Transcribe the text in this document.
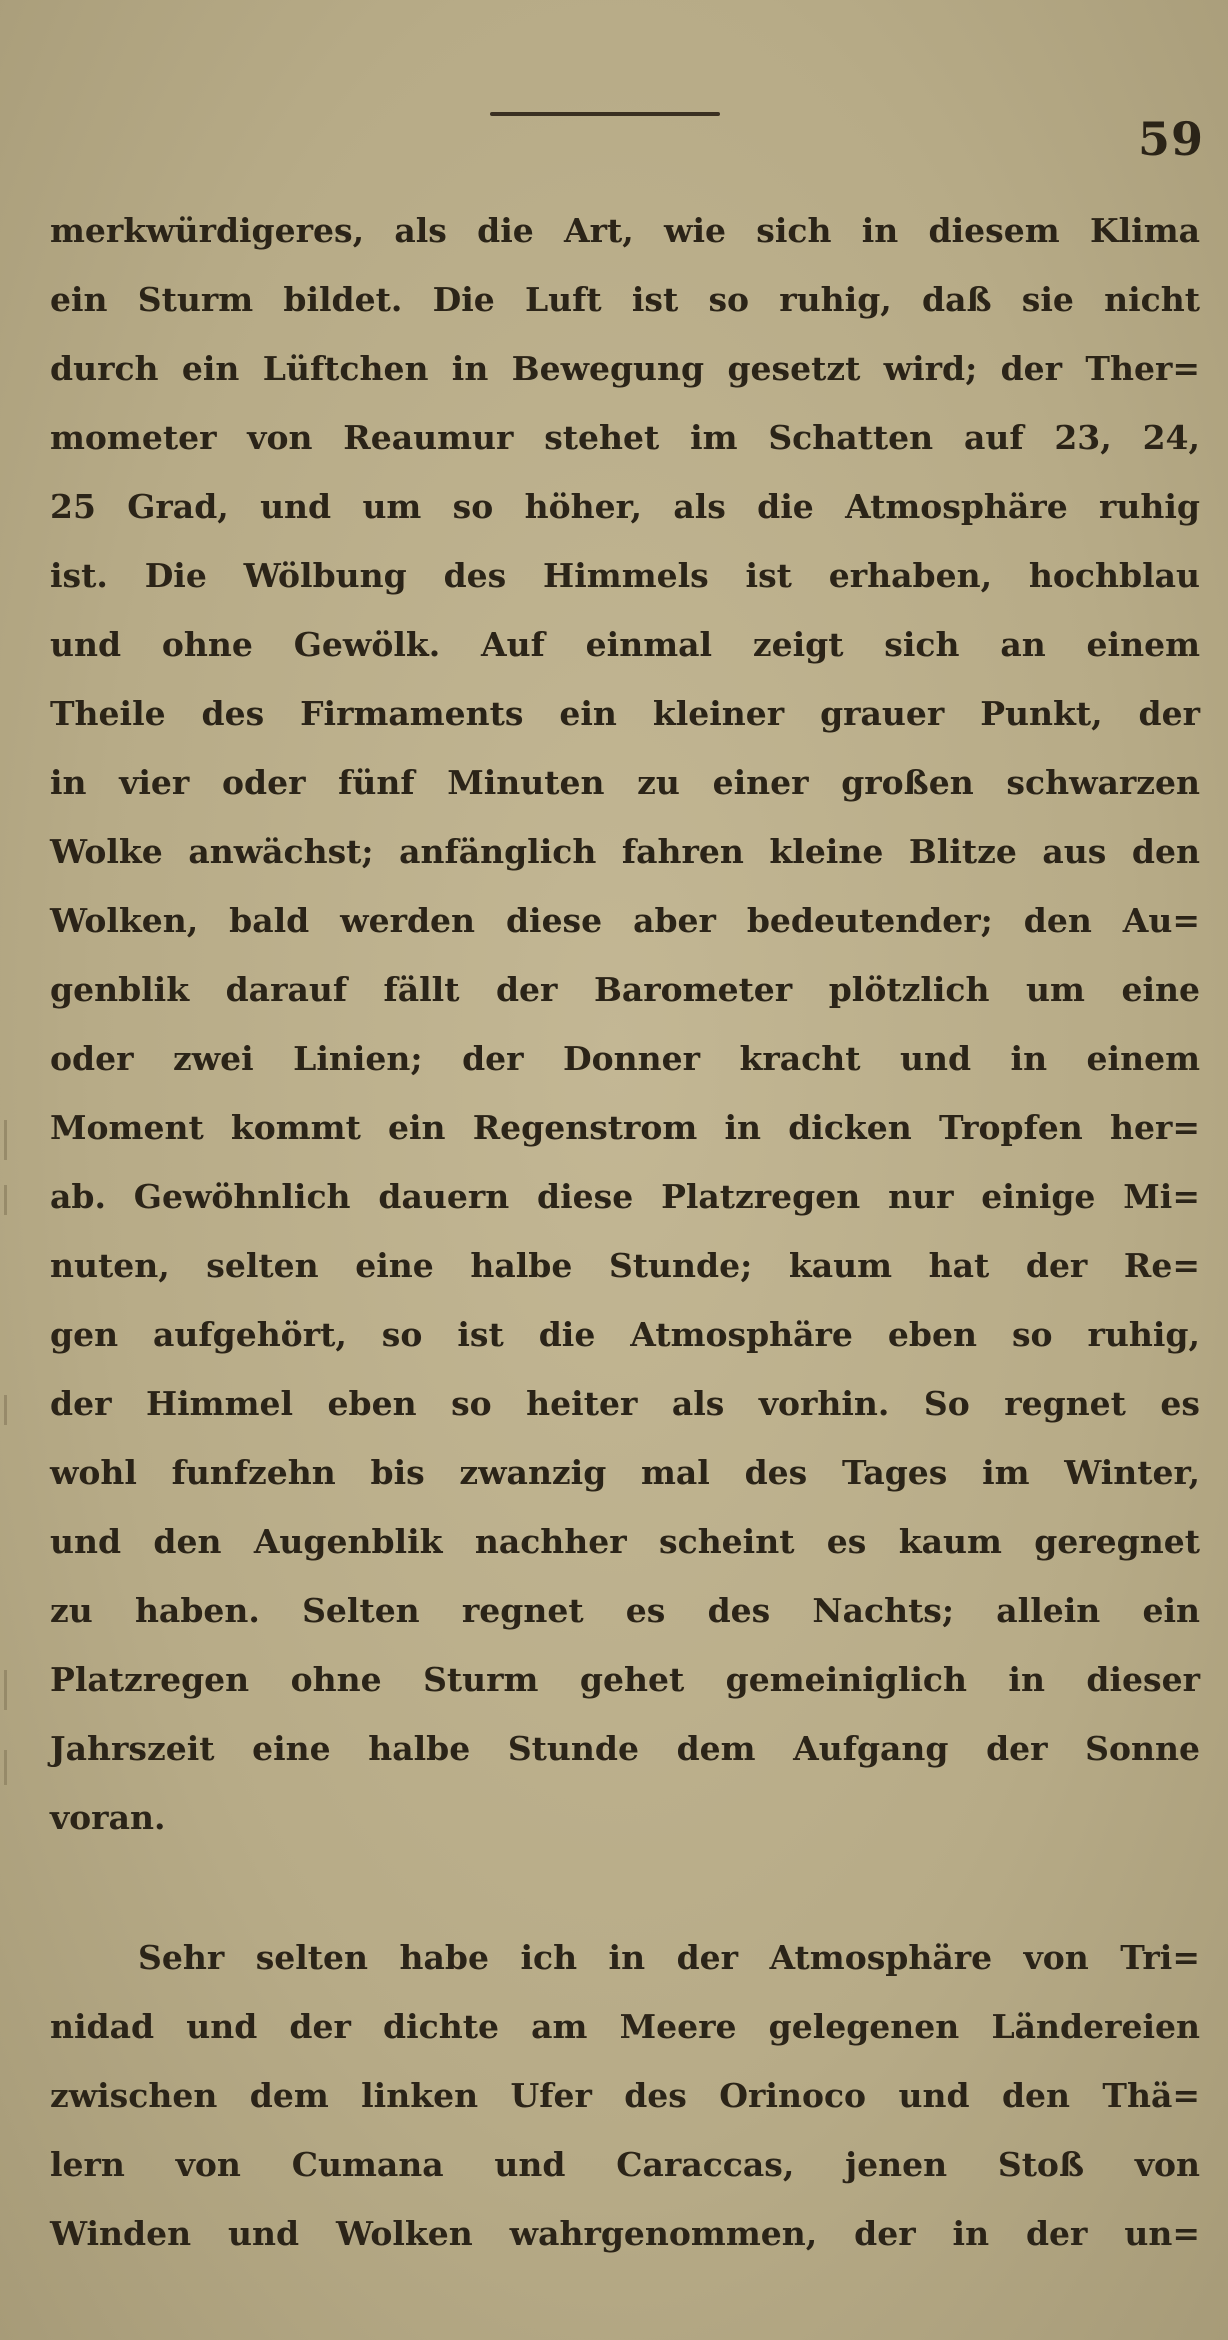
59
merkwürdigeres, als die Art, wie sich in diesem Klima
ein Sturm bildet. Die Luft ist so ruhig, daß sie nicht
durch ein Lüftchen in Bewegung gesetzt wird; der Ther=
mometer von Reaumur stehet im Schatten auf 23, 24,
25 Grad, und um so höher, als die Atmosphäre ruhig
ist. Die Wölbung des Himmels ist erhaben, hochblau
und ohne Gewölk. Auf einmal zeigt sich an einem
Theile des Firmaments ein kleiner grauer Punkt, der
in vier oder fünf Minuten zu einer großen schwarzen
Wolke anwächst; anfänglich fahren kleine Blitze aus den
Wolken, bald werden diese aber bedeutender; den Au=
genblik darauf fällt der Barometer plötzlich um eine
oder zwei Linien; der Donner kracht und in einem
Moment kommt ein Regenstrom in dicken Tropfen her=
ab. Gewöhnlich dauern diese Platzregen nur einige Mi=
nuten, selten eine halbe Stunde; kaum hat der Re=
gen aufgehört, so ist die Atmosphäre eben so ruhig,
der Himmel eben so heiter als vorhin. So regnet es
wohl funfzehn bis zwanzig mal des Tages im Winter,
und den Augenblik nachher scheint es kaum geregnet
zu haben. Selten regnet es des Nachts; allein ein
Platzregen ohne Sturm gehet gemeiniglich in dieser
Jahrszeit eine halbe Stunde dem Aufgang der Sonne
voran.
Sehr selten habe ich in der Atmosphäre von Tri=
nidad und der dichte am Meere gelegenen Ländereien
zwischen dem linken Ufer des Orinoco und den Thä=
lern von Cumana und Caraccas, jenen Stoß von
Winden und Wolken wahrgenommen, der in der un=
